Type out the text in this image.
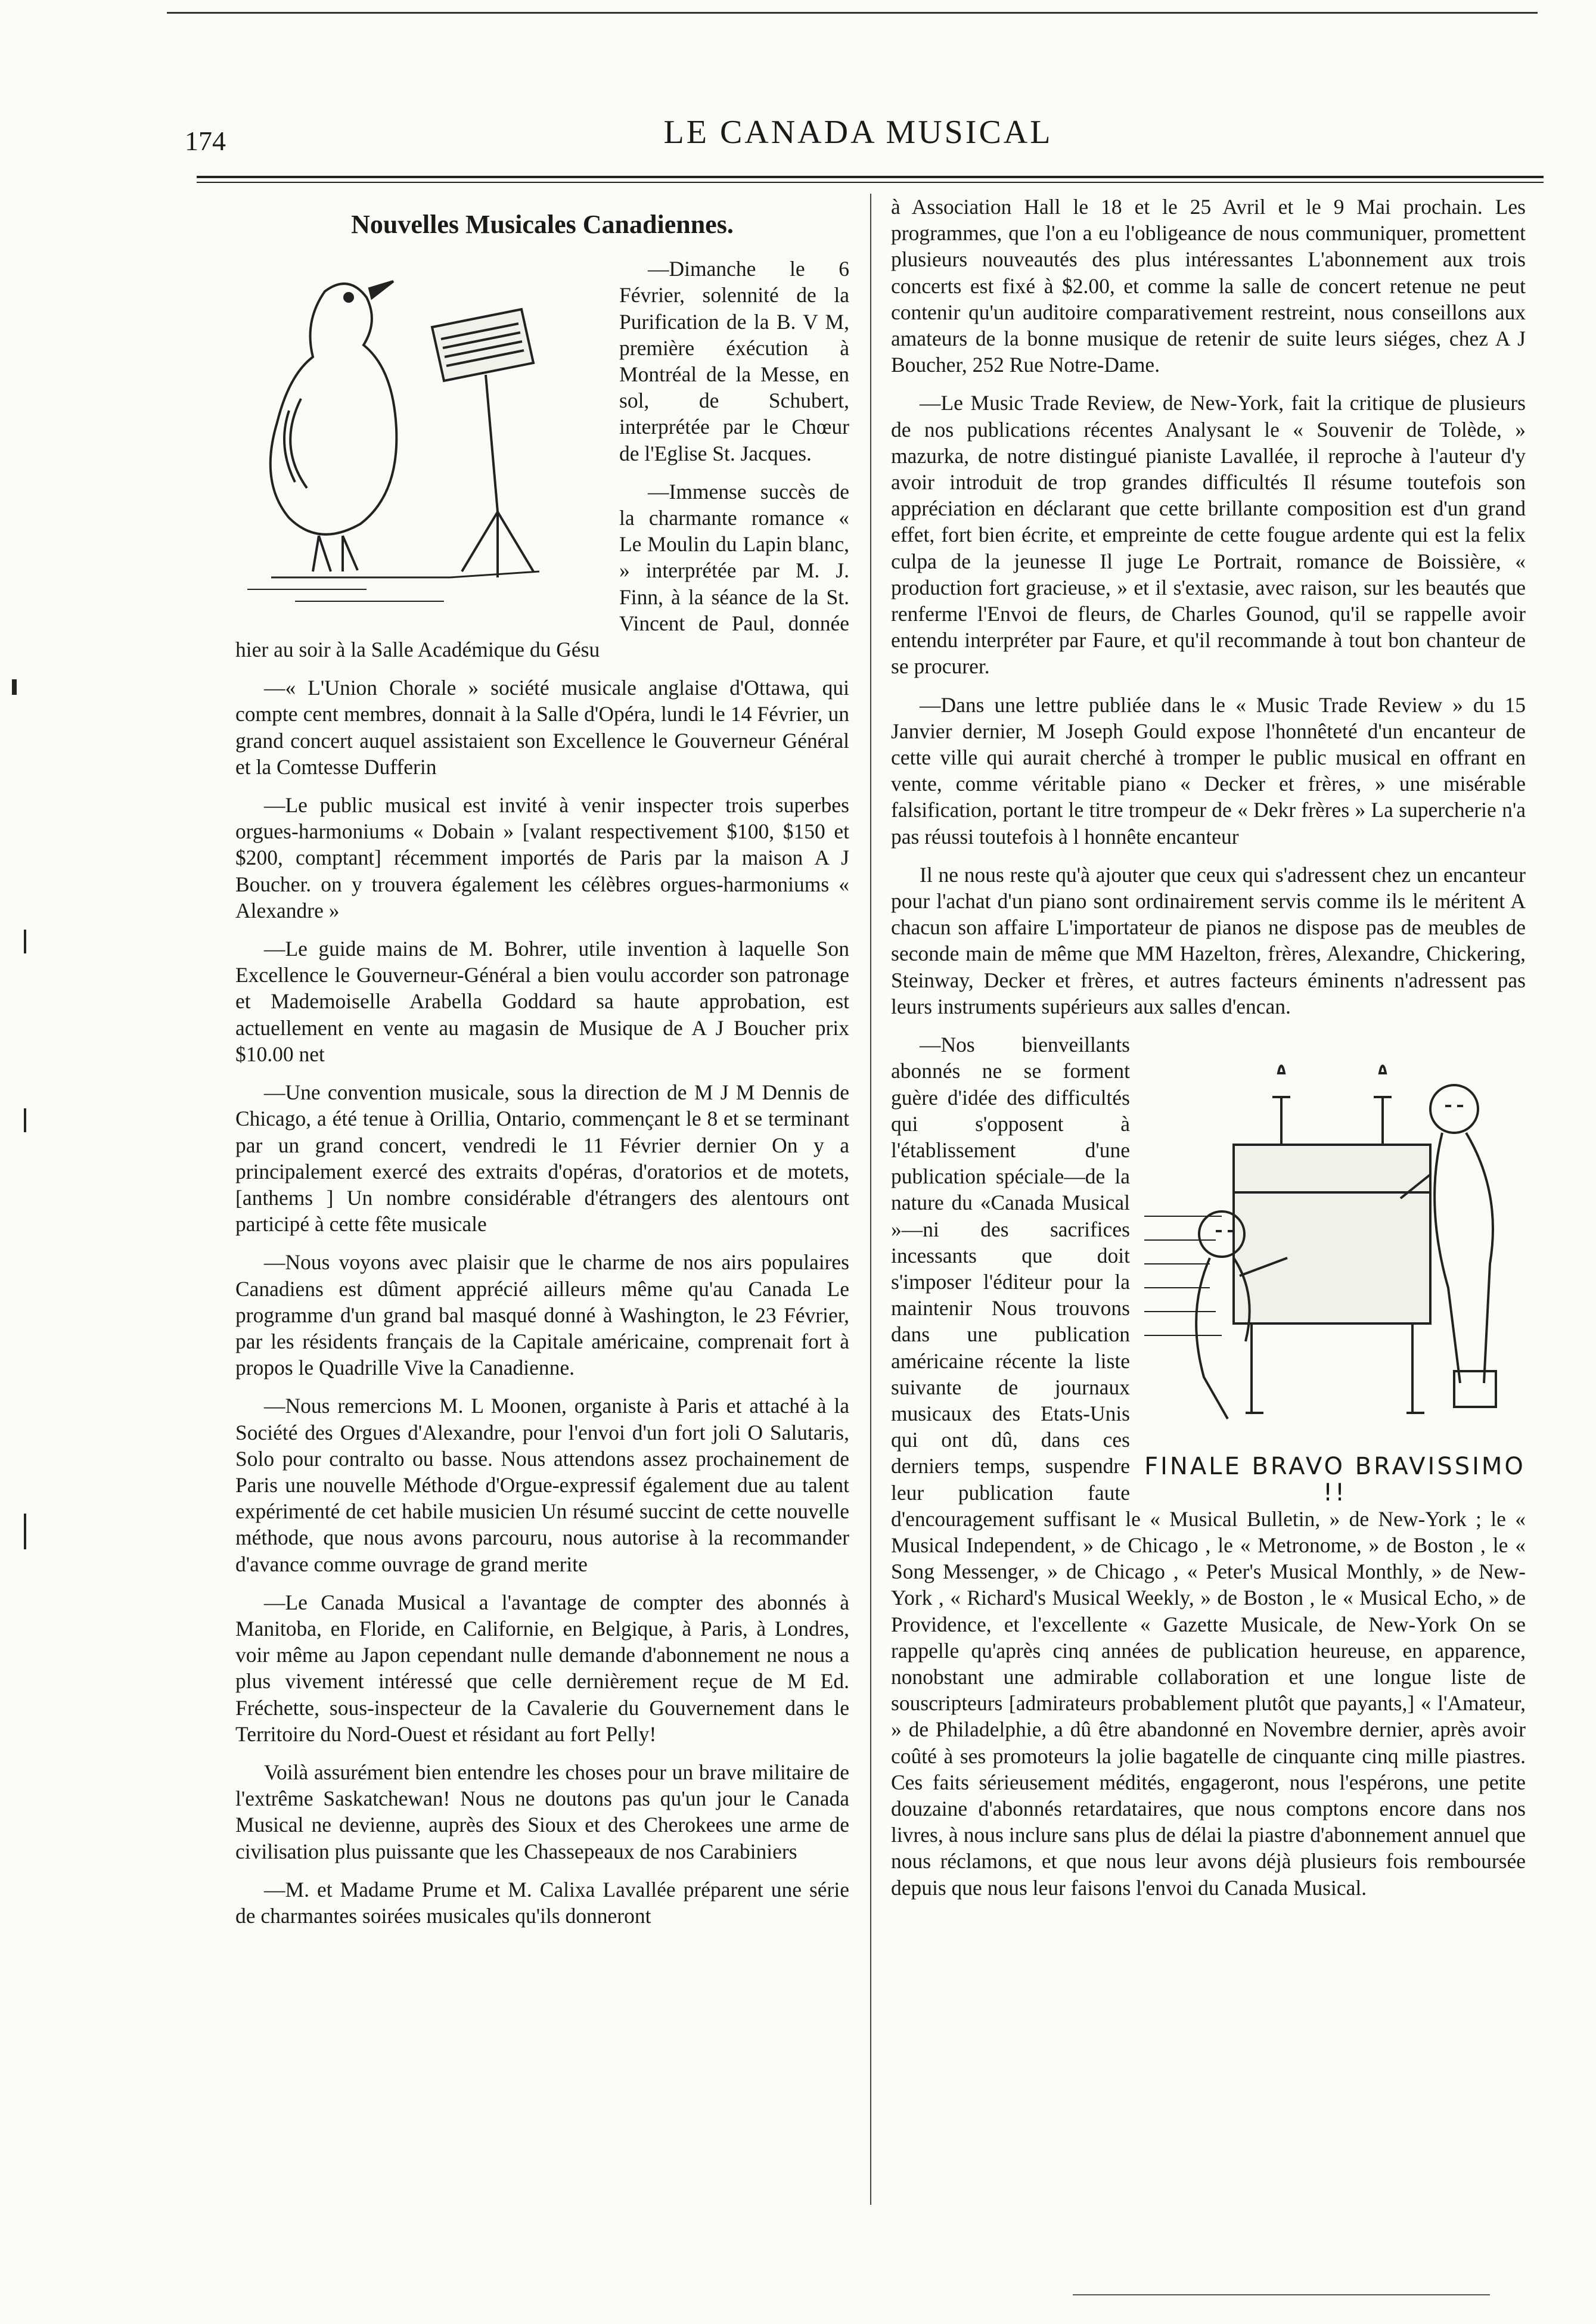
174	LE CANADA MUSICAL
Nouvelles Musicales Canadiennes.

—Dimanche le 6 Février, solennité de la Purification de la B. V M, première éxécution à Montréal de la Messe, en sol, de Schubert, interprétée par le Chœur de l'Eglise St. Jacques.

—Immense succès de la charmante romance « Le Moulin du Lapin blanc, » interprétée par M. J. Finn, à la séance de la St. Vincent de Paul, donnée hier au soir à la Salle Académique du Gésu

—« L'Union Chorale » société musicale anglaise d'Ottawa, qui compte cent membres, donnait à la Salle d'Opéra, lundi le 14 Février, un grand concert auquel assistaient son Excellence le Gouverneur Général et la Comtesse Dufferin

—Le public musical est invité à venir inspecter trois superbes orgues-harmoniums « Dobain » [valant respectivement $100, $150 et $200, comptant] récemment importés de Paris par la maison A J Boucher. on y trouvera également les célèbres orgues-harmoniums « Alexandre »

—Le guide mains de M. Bohrer, utile invention à laquelle Son Excellence le Gouverneur-Général a bien voulu accorder son patronage et Mademoiselle Arabella Goddard sa haute approbation, est actuellement en vente au magasin de Musique de A J Boucher prix $10.00 net

—Une convention musicale, sous la direction de M J M Dennis de Chicago, a été tenue à Orillia, Ontario, commençant le 8 et se terminant par un grand concert, vendredi le 11 Février dernier On y a principalement exercé des extraits d'opéras, d'oratorios et de motets, [anthems ] Un nombre considérable d'étrangers des alentours ont participé à cette fête musicale

—Nous voyons avec plaisir que le charme de nos airs populaires Canadiens est dûment apprécié ailleurs même qu'au Canada Le programme d'un grand bal masqué donné à Washington, le 23 Février, par les résidents français de la Capitale américaine, comprenait fort à propos le Quadrille Vive la Canadienne.

—Nous remercions M. L Moonen, organiste à Paris et attaché à la Société des Orgues d'Alexandre, pour l'envoi d'un fort joli O Salutaris, Solo pour contralto ou basse. Nous attendons assez prochainement de Paris une nouvelle Méthode d'Orgue-expressif également due au talent expérimenté de cet habile musicien Un résumé succint de cette nouvelle méthode, que nous avons parcouru, nous autorise à la recommander d'avance comme ouvrage de grand merite

—Le Canada Musical a l'avantage de compter des abonnés à Manitoba, en Floride, en Californie, en Belgique, à Paris, à Londres, voir même au Japon cependant nulle demande d'abonnement ne nous a plus vivement intéressé que celle dernièrement reçue de M Ed. Fréchette, sous-inspecteur de la Cavalerie du Gouvernement dans le Territoire du Nord-Ouest et résidant au fort Pelly!

Voilà assurément bien entendre les choses pour un brave militaire de l'extrême Saskatchewan! Nous ne doutons pas qu'un jour le Canada Musical ne devienne, auprès des Sioux et des Cherokees une arme de civilisation plus puissante que les Chassepeaux de nos Carabiniers

—M. et Madame Prume et M. Calixa Lavallée préparent une série de charmantes soirées musicales qu'ils donneront

à Association Hall le 18 et le 25 Avril et le 9 Mai prochain. Les programmes, que l'on a eu l'obligeance de nous communiquer, promettent plusieurs nouveautés des plus intéressantes L'abonnement aux trois concerts est fixé à $2.00, et comme la salle de concert retenue ne peut contenir qu'un auditoire comparativement restreint, nous conseillons aux amateurs de la bonne musique de retenir de suite leurs siéges, chez A J Boucher, 252 Rue Notre-Dame.

—Le Music Trade Review, de New-York, fait la critique de plusieurs de nos publications récentes Analysant le « Souvenir de Tolède, » mazurka, de notre distingué pianiste Lavallée, il reproche à l'auteur d'y avoir introduit de trop grandes difficultés Il résume toutefois son appréciation en déclarant que cette brillante composition est d'un grand effet, fort bien écrite, et empreinte de cette fougue ardente qui est la felix culpa de la jeunesse Il juge Le Portrait, romance de Boissière, « production fort gracieuse, » et il s'extasie, avec raison, sur les beautés que renferme l'Envoi de fleurs, de Charles Gounod, qu'il se rappelle avoir entendu interpréter par Faure, et qu'il recommande à tout bon chanteur de se procurer.

—Dans une lettre publiée dans le « Music Trade Review » du 15 Janvier dernier, M Joseph Gould expose l'honnêteté d'un encanteur de cette ville qui aurait cherché à tromper le public musical en offrant en vente, comme véritable piano « Decker et frères, » une misérable falsification, portant le titre trompeur de « Dekr frères » La supercherie n'a pas réussi toutefois à l honnête encanteur

Il ne nous reste qu'à ajouter que ceux qui s'adressent chez un encanteur pour l'achat d'un piano sont ordinairement servis comme ils le méritent A chacun son affaire L'importateur de pianos ne dispose pas de meubles de seconde main de même que MM Hazelton, frères, Alexandre, Chickering, Steinway, Decker et frères, et autres facteurs éminents n'adressent pas leurs instruments supérieurs aux salles d'encan.

FINALE BRAVO BRAVISSIMO !!

—Nos bienveillants abonnés ne se forment guère d'idée des difficultés qui s'opposent à l'établissement d'une publication spéciale—de la nature du «Canada Musical »—ni des sacrifices incessants que doit s'imposer l'éditeur pour la maintenir Nous trouvons dans une publication américaine récente la liste suivante de journaux musicaux des Etats-Unis qui ont dû, dans ces derniers temps, suspendre leur publication faute d'encouragement suffisant le « Musical Bulletin, » de New-York ; le « Musical Independent, » de Chicago , le « Metronome, » de Boston , le « Song Messenger, » de Chicago , « Peter's Musical Monthly, » de New-York , « Richard's Musical Weekly, » de Boston , le « Musical Echo, » de Providence, et l'excellente « Gazette Musicale, de New-York On se rappelle qu'après cinq années de publication heureuse, en apparence, nonobstant une admirable collaboration et une longue liste de souscripteurs [admirateurs probablement plutôt que payants,] « l'Amateur, » de Philadelphie, a dû être abandonné en Novembre dernier, après avoir coûté à ses promoteurs la jolie bagatelle de cinquante cinq mille piastres. Ces faits sérieusement médités, engageront, nous l'espérons, une petite douzaine d'abonnés retardataires, que nous comptons encore dans nos livres, à nous inclure sans plus de délai la piastre d'abonnement annuel que nous réclamons, et que nous leur avons déjà plusieurs fois remboursée depuis que nous leur faisons l'envoi du Canada Musical.
